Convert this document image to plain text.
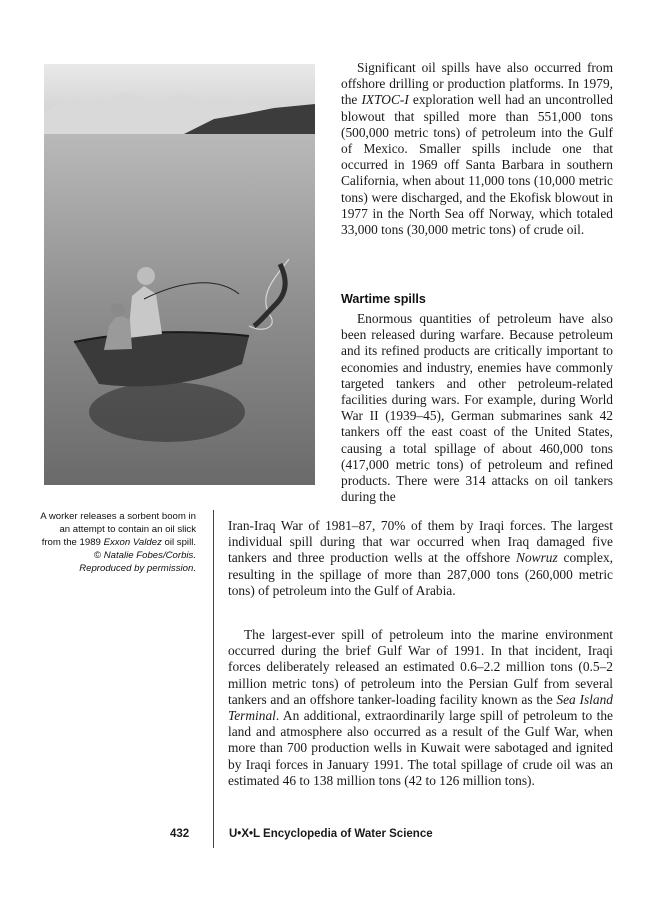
A worker releases a sorbent boom in an attempt to contain an oil slick from the 1989 Exxon Valdez oil spill. © Natalie Fobes/Corbis. Reproduced by permission.

Significant oil spills have also occurred from offshore drilling or production platforms. In 1979, the IXTOC-I exploration well had an uncontrolled blowout that spilled more than 551,000 tons (500,000 metric tons) of petroleum into the Gulf of Mexico. Smaller spills include one that occurred in 1969 off Santa Barbara in southern California, when about 11,000 tons (10,000 metric tons) were discharged, and the Ekofisk blowout in 1977 in the North Sea off Norway, which totaled 33,000 tons (30,000 metric tons) of crude oil.

Wartime spills

Enormous quantities of petroleum have also been released during warfare. Because petroleum and its refined products are critically important to economies and industry, enemies have commonly targeted tankers and other petroleum-related facilities during wars. For example, during World War II (1939–45), German submarines sank 42 tankers off the east coast of the United States, causing a total spillage of about 460,000 tons (417,000 metric tons) of petroleum and refined products. There were 314 attacks on oil tankers during the

Iran-Iraq War of 1981–87, 70% of them by Iraqi forces. The largest individual spill during that war occurred when Iraq damaged five tankers and three production wells at the offshore Nowruz complex, resulting in the spillage of more than 287,000 tons (260,000 metric tons) of petroleum into the Gulf of Arabia.

The largest-ever spill of petroleum into the marine environment occurred during the brief Gulf War of 1991. In that incident, Iraqi forces deliberately released an estimated 0.6–2.2 million tons (0.5–2 million metric tons) of petroleum into the Persian Gulf from several tankers and an offshore tanker-loading facility known as the Sea Island Terminal. An additional, extraordinarily large spill of petroleum to the land and atmosphere also occurred as a result of the Gulf War, when more than 700 production wells in Kuwait were sabotaged and ignited by Iraqi forces in January 1991. The total spillage of crude oil was an estimated 46 to 138 million tons (42 to 126 million tons).

432	U•X•L Encyclopedia of Water Science
